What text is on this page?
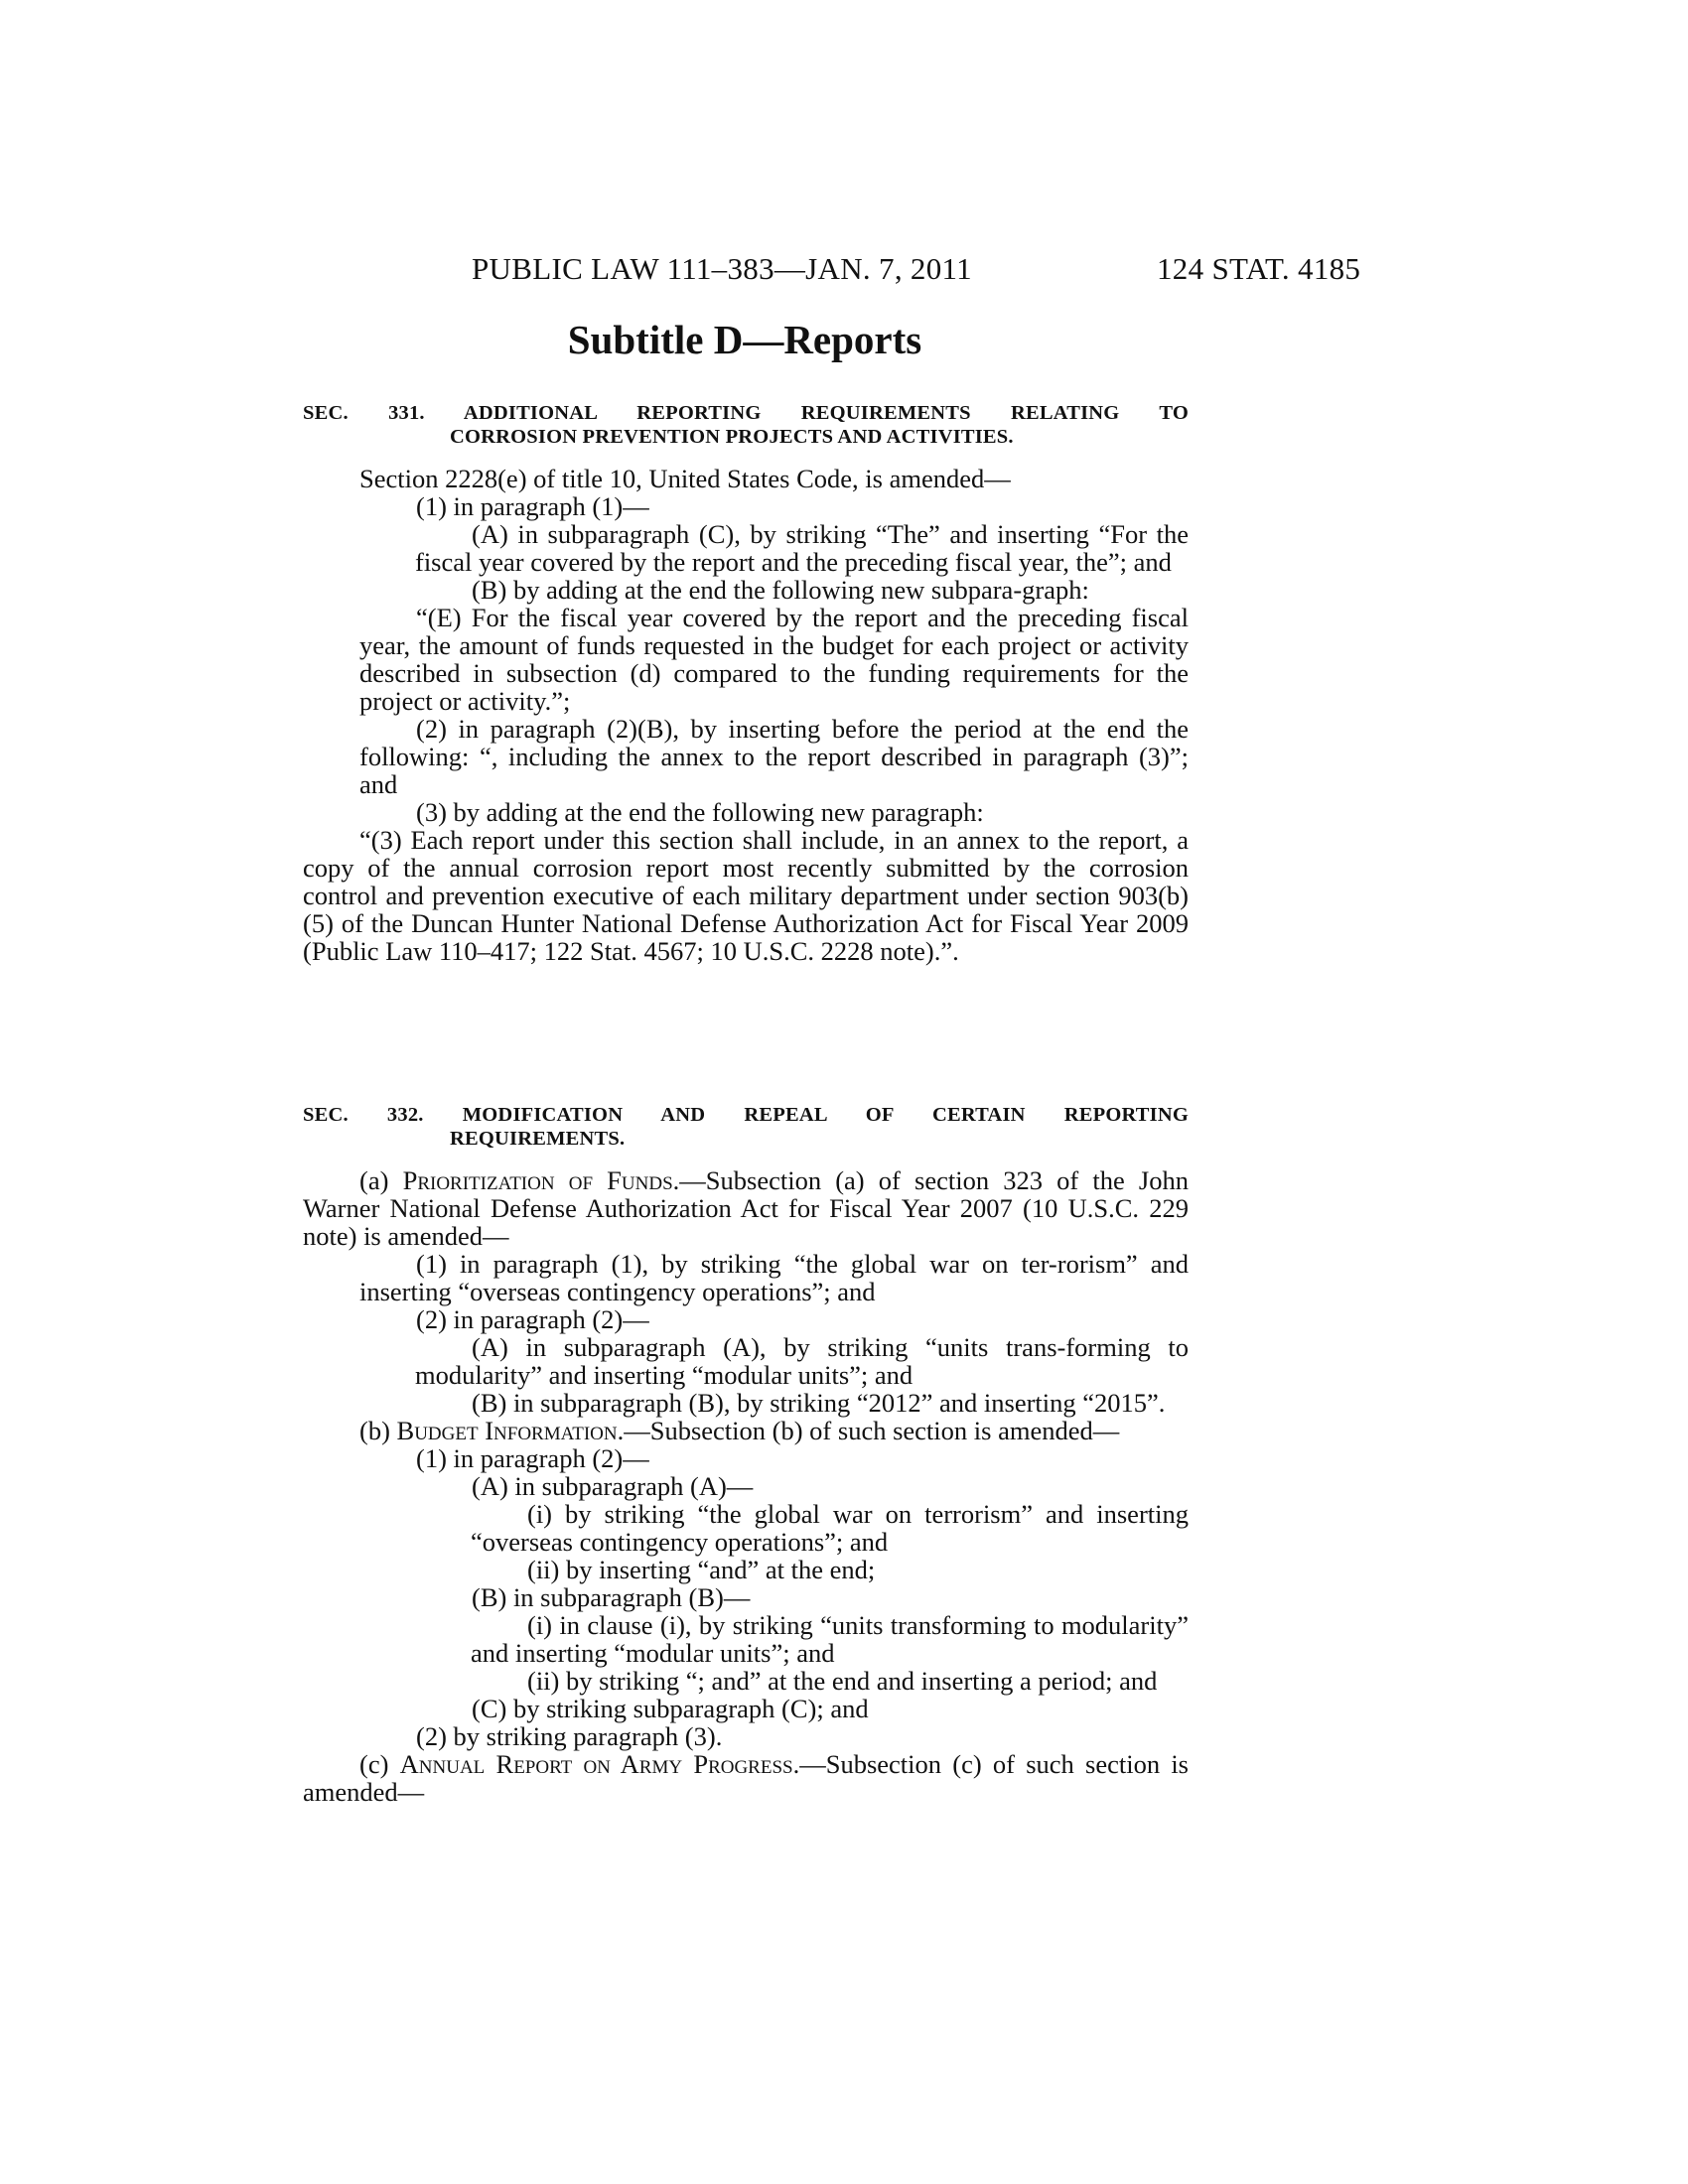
PUBLIC LAW 111–383—JAN. 7, 2011	124 STAT. 4185
Subtitle D—Reports
SEC. 331. ADDITIONAL REPORTING REQUIREMENTS RELATING TO
CORROSION PREVENTION PROJECTS AND ACTIVITIES.
Section 2228(e) of title 10, United States Code, is amended—
(1) in paragraph (1)—
(A) in subparagraph (C), by striking “The” and inserting “For the fiscal year covered by the report and the preceding fiscal year, the”; and
(B) by adding at the end the following new subpara-graph:
“(E) For the fiscal year covered by the report and the preceding fiscal year, the amount of funds requested in the budget for each project or activity described in subsection (d) compared to the funding requirements for the project or activity.”;
(2) in paragraph (2)(B), by inserting before the period at the end the following: “, including the annex to the report described in paragraph (3)”; and
(3) by adding at the end the following new paragraph:
“(3) Each report under this section shall include, in an annex to the report, a copy of the annual corrosion report most recently submitted by the corrosion control and prevention executive of each military department under section 903(b)(5) of the Duncan Hunter National Defense Authorization Act for Fiscal Year 2009 (Public Law 110–417; 122 Stat. 4567; 10 U.S.C. 2228 note).”.
SEC. 332. MODIFICATION AND REPEAL OF CERTAIN REPORTING
REQUIREMENTS.
(a) Prioritization of Funds.—Subsection (a) of section 323 of the John Warner National Defense Authorization Act for Fiscal Year 2007 (10 U.S.C. 229 note) is amended—
(1) in paragraph (1), by striking “the global war on ter-rorism” and inserting “overseas contingency operations”; and
(2) in paragraph (2)—
(A) in subparagraph (A), by striking “units trans-forming to modularity” and inserting “modular units”; and
(B) in subparagraph (B), by striking “2012” and inserting “2015”.
(b) Budget Information.—Subsection (b) of such section is amended—
(1) in paragraph (2)—
(A) in subparagraph (A)—
(i) by striking “the global war on terrorism” and inserting “overseas contingency operations”; and
(ii) by inserting “and” at the end;
(B) in subparagraph (B)—
(i) in clause (i), by striking “units transforming to modularity” and inserting “modular units”; and
(ii) by striking “; and” at the end and inserting a period; and
(C) by striking subparagraph (C); and
(2) by striking paragraph (3).
(c) Annual Report on Army Progress.—Subsection (c) of such section is amended—
